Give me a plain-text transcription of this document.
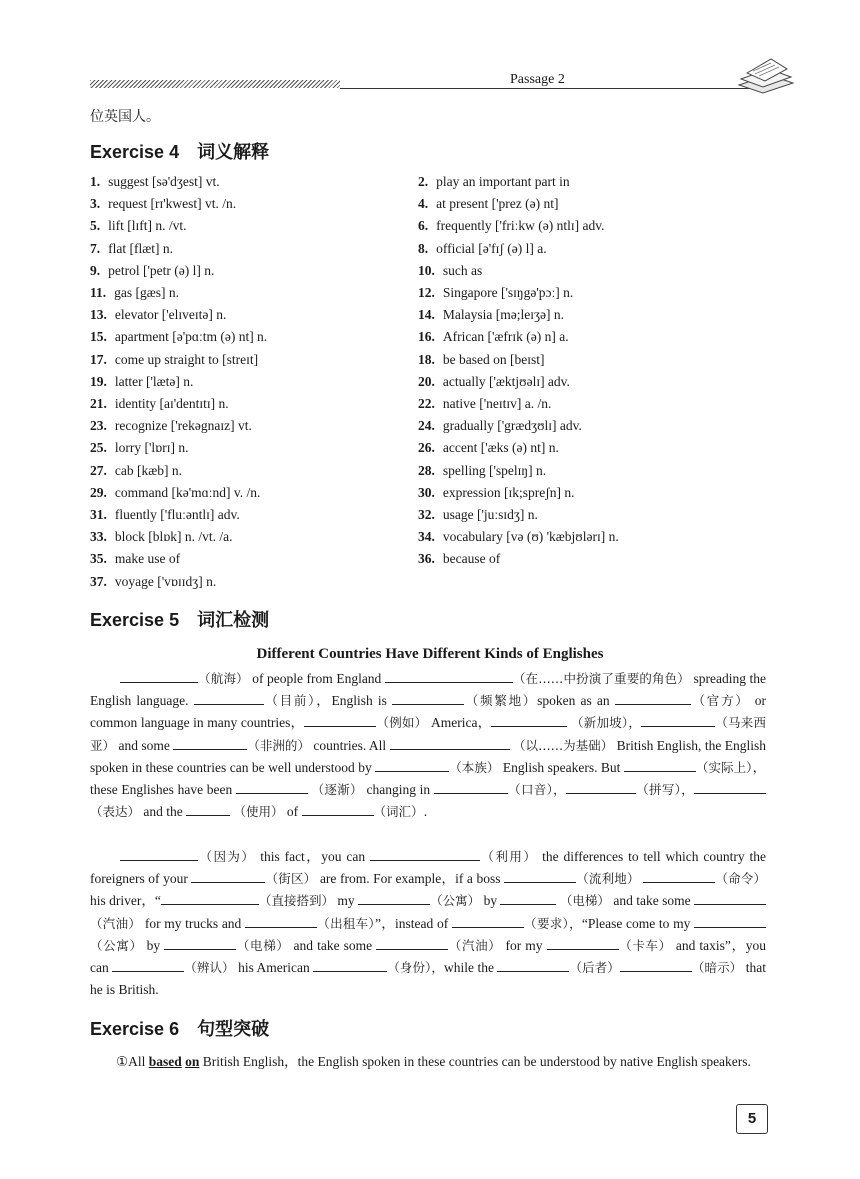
Passage 2
位英国人。
Exercise 4 词义解释
1. suggest [sə'dʒest] vt.	2. play an important part in
3. request [rɪ'kwest] vt. /n.	4. at present ['prez (ə) nt]
5. lift [lɪft] n. /vt.	6. frequently ['friːkw (ə) ntlɪ] adv.
7. flat [flæt] n.	8. official [ə'fɪʃ (ə) l] a.
9. petrol ['petr (ə) l] n.	10. such as
11. gas [gæs] n.	12. Singapore ['sɪŋgə'pɔː] n.
13. elevator ['elɪveɪtə] n.	14. Malaysia [mə;leɪʒə] n.
15. apartment [ə'pɑːtm (ə) nt] n.	16. African ['æfrɪk (ə) n] a.
17. come up straight to [streɪt]	18. be based on [beɪst]
19. latter ['lætə] n.	20. actually ['æktjʊəlɪ] adv.
21. identity [aɪ'dentɪtɪ] n.	22. native ['neɪtɪv] a. /n.
23. recognize ['rekəgnaɪz] vt.	24. gradually ['grædʒʊlɪ] adv.
25. lorry ['lɒrɪ] n.	26. accent ['æks (ə) nt] n.
27. cab [kæb] n.	28. spelling ['spelɪŋ] n.
29. command [kə'mɑːnd] v. /n.	30. expression [ɪk;spreʃn] n.
31. fluently ['fluːəntlɪ] adv.	32. usage ['juːsɪdʒ] n.
33. block [blɒk] n. /vt. /a.	34. vocabulary [və (ʊ) 'kæbjʊlərɪ] n.
35. make use of	36. because of
37. voyage ['vɒɪɪdʒ] n.
Exercise 5 词汇检测
Different Countries Have Different Kinds of Englishes
（航海） of people from England	（在……中扮演了重要的角色） spreading the English language.	（目前），English is	（频繁地）spoken as an	（官方） or common language in many countries，	（例如） America，	（新加坡），	（马来西亚） and some	（非洲的） countries. All	（以……为基础） British English, the English spoken in these countries can be well understood by	（本族） English speakers. But	（实际上），these Englishes have been	（逐渐） changing in	（口音），	（拼写），（表达） and the	（使用） of	（词汇）.
（因为） this fact，you can	（利用） the differences to tell which country the foreigners of your	（街区） are from. For example，if a boss	（流利地）	（命令） his driver，“	（直接搭到） my	（公寓） by	（电梯） and take some （汽油） for my trucks and	（出租车）”，instead of	（要求），“Please come to my （公寓） by	（电梯） and take some	（汽油） for my	（卡车） and taxis”，you can	（辨认） his American	（身份），while the	（后者）	（暗示） that he is British.
Exercise 6 句型突破
①All based on British English，the English spoken in these countries can be understood by native English speakers.
5
